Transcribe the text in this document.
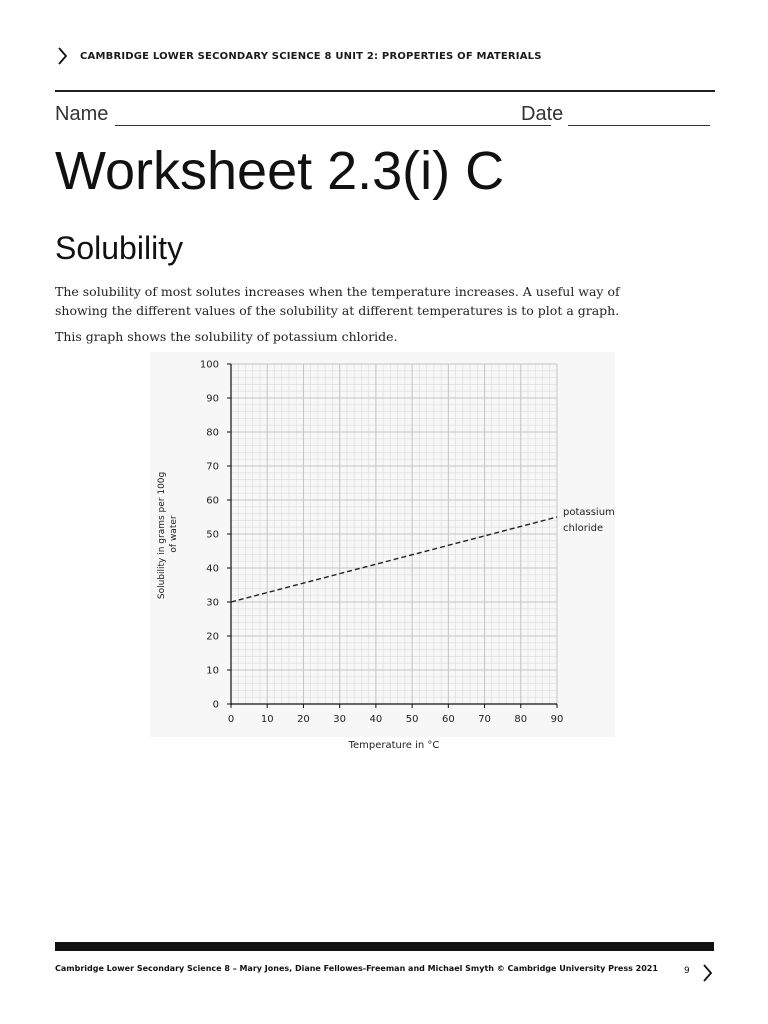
CAMBRIDGE LOWER SECONDARY SCIENCE 8 UNIT 2: PROPERTIES OF MATERIALS
Name	Date
Worksheet 2.3(i) C
Solubility

The solubility of most solutes increases when the temperature increases. A useful way of showing the different values of the solubility at different temperatures is to plot a graph.

This graph shows the solubility of potassium chloride.

0	10 20 30 40 50 60 70 80 90
0
10
20
30
40
50
60
70
80
90
100
potassium
chloride
Temperature in °C
Solubility in grams per 100g of water
Cambridge Lower Secondary Science 8 – Mary Jones, Diane Fellowes-Freeman and Michael Smyth © Cambridge University Press 2021	9
